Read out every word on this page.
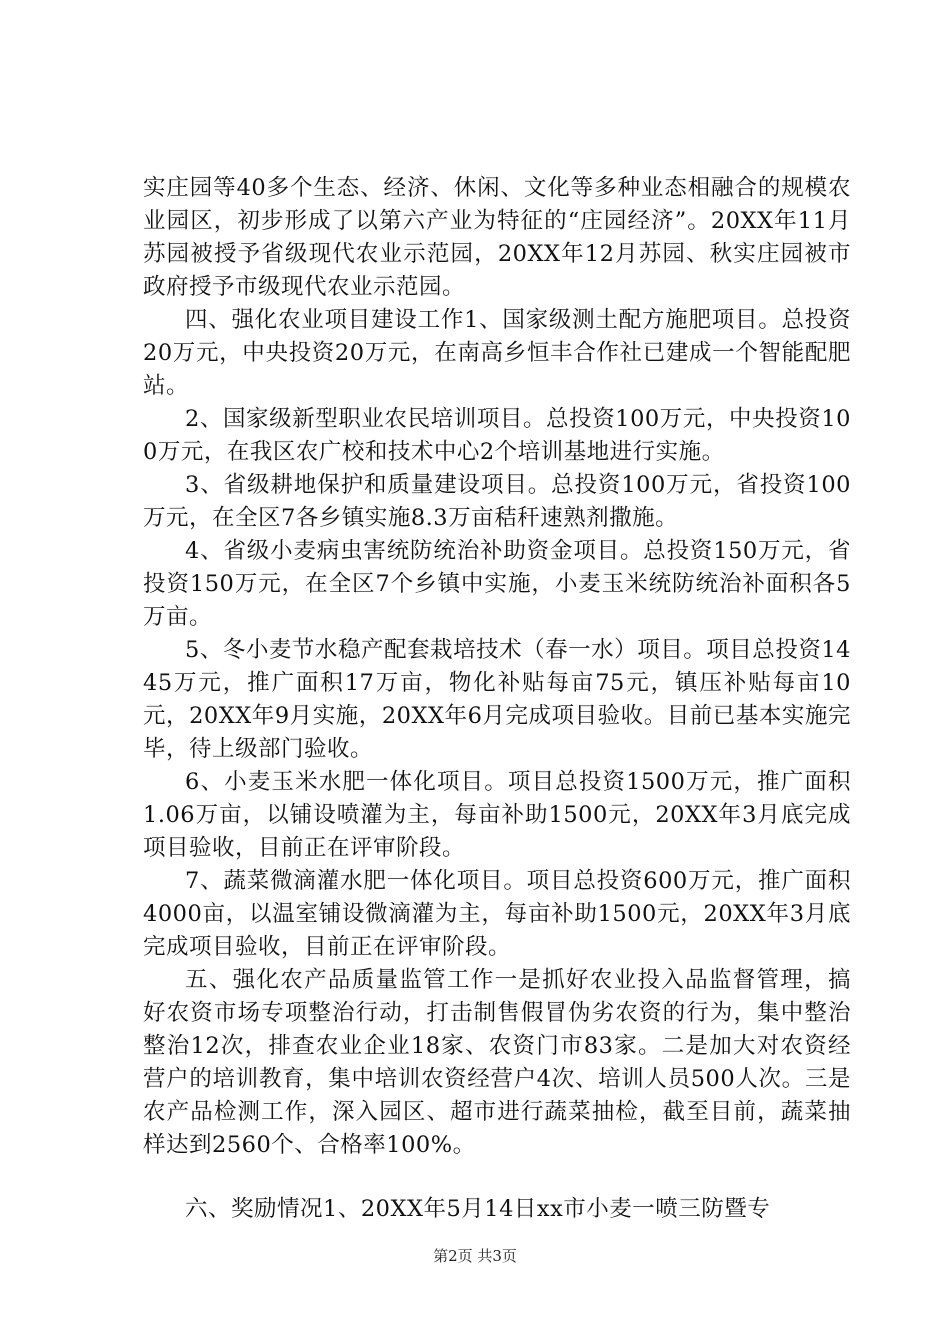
实庄园等40多个生态、经济、休闲、文化等多种业态相融合的规模农业园区，初步形成了以第六产业为特征的“庄园经济”。20XX年11月苏园被授予省级现代农业示范园，20XX年12月苏园、秋实庄园被市政府授予市级现代农业示范园。

四、强化农业项目建设工作1、国家级测土配方施肥项目。总投资20万元，中央投资20万元，在南高乡恒丰合作社已建成一个智能配肥站。

2、国家级新型职业农民培训项目。总投资100万元，中央投资100万元，在我区农广校和技术中心2个培训基地进行实施。

3、省级耕地保护和质量建设项目。总投资100万元，省投资100万元，在全区7各乡镇实施8.3万亩秸秆速熟剂撒施。

4、省级小麦病虫害统防统治补助资金项目。总投资150万元，省投资150万元，在全区7个乡镇中实施，小麦玉米统防统治补面积各5万亩。

5、冬小麦节水稳产配套栽培技术（春一水）项目。项目总投资1445万元，推广面积17万亩，物化补贴每亩75元，镇压补贴每亩10元，20XX年9月实施，20XX年6月完成项目验收。目前已基本实施完毕，待上级部门验收。

6、小麦玉米水肥一体化项目。项目总投资1500万元，推广面积1.06万亩，以铺设喷灌为主，每亩补助1500元，20XX年3月底完成项目验收，目前正在评审阶段。

7、蔬菜微滴灌水肥一体化项目。项目总投资600万元，推广面积4000亩，以温室铺设微滴灌为主，每亩补助1500元，20XX年3月底完成项目验收，目前正在评审阶段。

五、强化农产品质量监管工作一是抓好农业投入品监督管理，搞好农资市场专项整治行动，打击制售假冒伪劣农资的行为，集中整治整治12次，排查农业企业18家、农资门市83家。二是加大对农资经营户的培训教育，集中培训农资经营户4次、培训人员500人次。三是农产品检测工作，深入园区、超市进行蔬菜抽检，截至目前，蔬菜抽样达到2560个、合格率100%。

六、奖励情况1、20XX年5月14日xx市小麦一喷三防暨专

第2页 共3页
